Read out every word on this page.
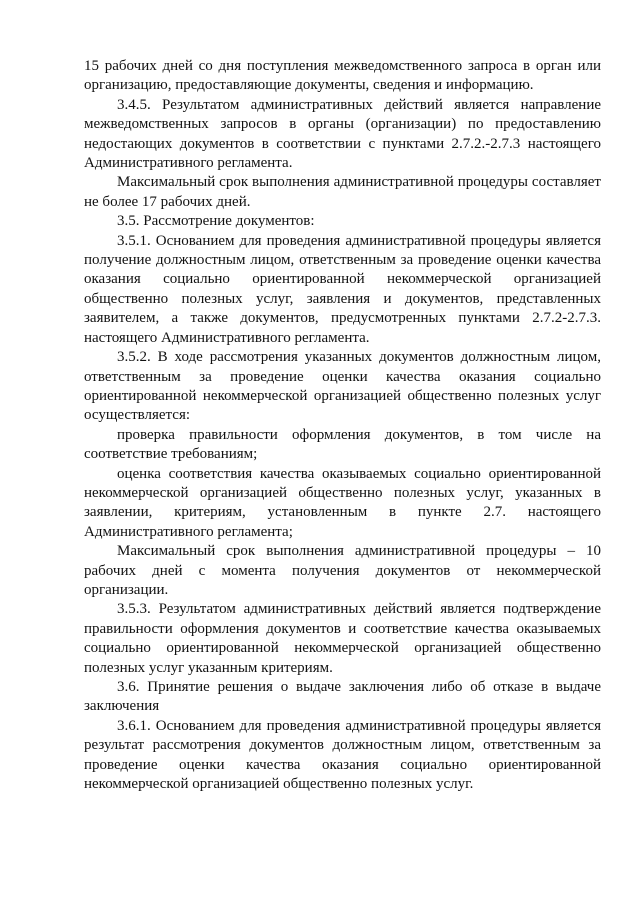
15 рабочих дней со дня поступления межведомственного запроса в орган или организацию, предоставляющие документы, сведения и информацию.

3.4.5. Результатом административных действий является направление межведомственных запросов в органы (организации) по предоставлению недостающих документов в соответствии с пунктами 2.7.2.-2.7.3 настоящего Административного регламента.

Максимальный срок выполнения административной процедуры составляет не более 17 рабочих дней.

3.5. Рассмотрение документов:

3.5.1. Основанием для проведения административной процедуры является получение должностным лицом, ответственным за проведение оценки качества оказания социально ориентированной некоммерческой организацией общественно полезных услуг, заявления и документов, представленных заявителем, а также документов, предусмотренных пунктами 2.7.2-2.7.3. настоящего Административного регламента.

3.5.2. В ходе рассмотрения указанных документов должностным лицом, ответственным за проведение оценки качества оказания социально ориентированной некоммерческой организацией общественно полезных услуг осуществляется:

проверка правильности оформления документов, в том числе на соответствие требованиям;

оценка соответствия качества оказываемых социально ориентированной некоммерческой организацией общественно полезных услуг, указанных в заявлении, критериям, установленным в пункте 2.7. настоящего Административного регламента;

Максимальный срок выполнения административной процедуры – 10 рабочих дней с момента получения документов от некоммерческой организации.

3.5.3. Результатом административных действий является подтверждение правильности оформления документов и соответствие качества оказываемых социально ориентированной некоммерческой организацией общественно полезных услуг указанным критериям.

3.6. Принятие решения о выдаче заключения либо об отказе в выдаче заключения

3.6.1. Основанием для проведения административной процедуры является результат рассмотрения документов должностным лицом, ответственным за проведение оценки качества оказания социально ориентированной некоммерческой организацией общественно полезных услуг.
